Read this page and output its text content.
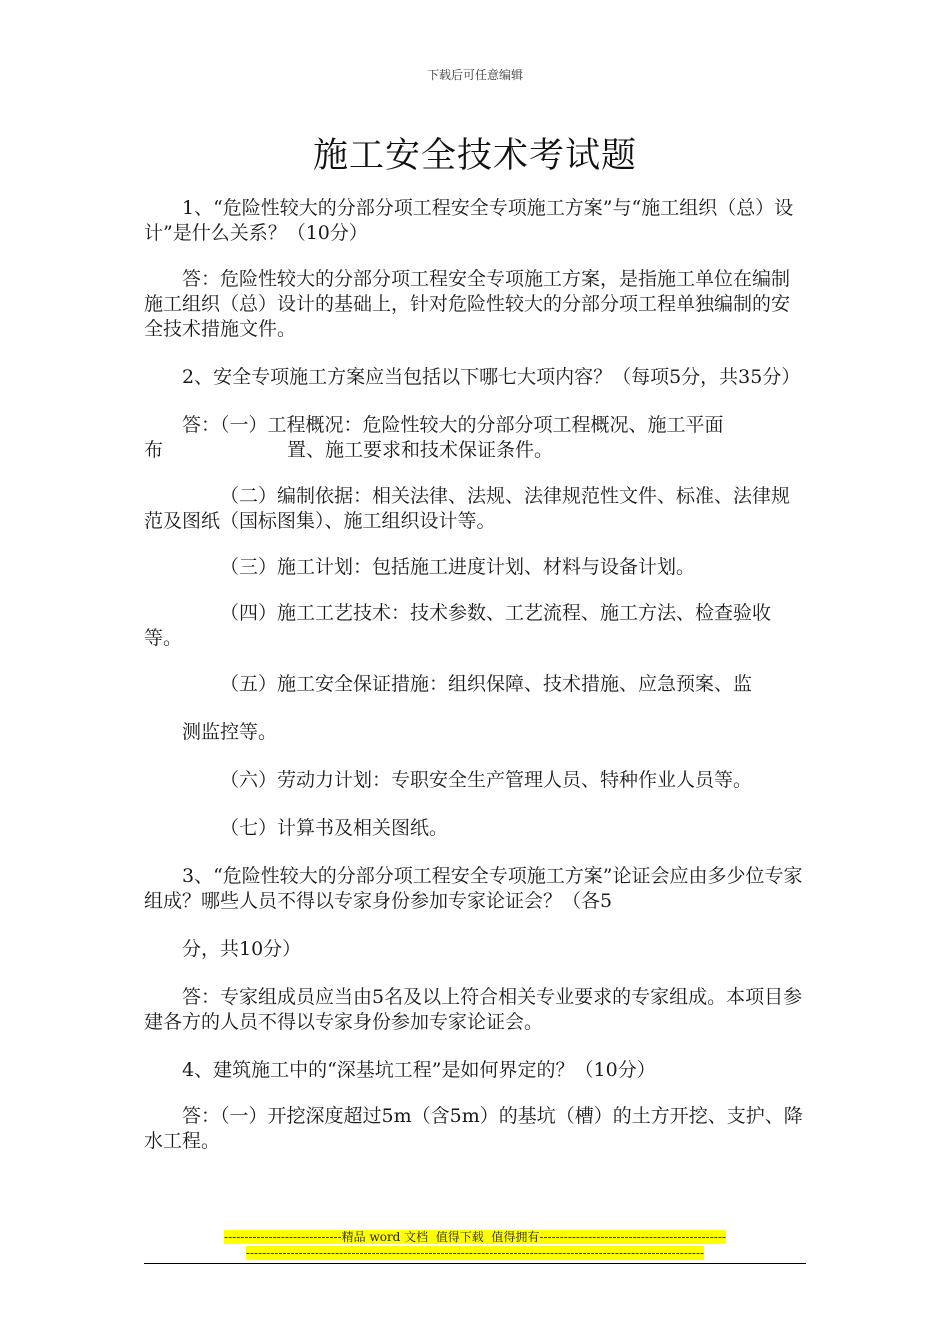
下载后可任意编辑
施工安全技术考试题

1、“危险性较大的分部分项工程安全专项施工方案”与“施工组织（总）设计”是什么关系？（10分）

答：危险性较大的分部分项工程安全专项施工方案，是指施工单位在编制施工组织（总）设计的基础上，针对危险性较大的分部分项工程单独编制的安全技术措施文件。

2、安全专项施工方案应当包括以下哪七大项内容？（每项5分，共35分）

答：（一）工程概况：危险性较大的分部分项工程概况、施工平面
布	置、施工要求和技术保证条件。

（二）编制依据：相关法律、法规、法律规范性文件、标准、法律规范及图纸（国标图集）、施工组织设计等。

（三）施工计划：包括施工进度计划、材料与设备计划。

（四）施工工艺技术：技术参数、工艺流程、施工方法、检查验收等。

（五）施工安全保证措施：组织保障、技术措施、应急预案、监

测监控等。

（六）劳动力计划：专职安全生产管理人员、特种作业人员等。

（七）计算书及相关图纸。

3、“危险性较大的分部分项工程安全专项施工方案”论证会应由多少位专家组成？哪些人员不得以专家身份参加专家论证会？（各5

分，共10分）

答：专家组成员应当由5名及以上符合相关专业要求的专家组成。本项目参建各方的人员不得以专家身份参加专家论证会。

4、建筑施工中的“深基坑工程”是如何界定的？（10分）

答：（一）开挖深度超过5m（含5m）的基坑（槽）的土方开挖、支护、降水工程。

-----------------------------精品 word 文档  值得下载  值得拥有----------------------------------------------
-----------------------------------------------------------------------------------------------------------------
